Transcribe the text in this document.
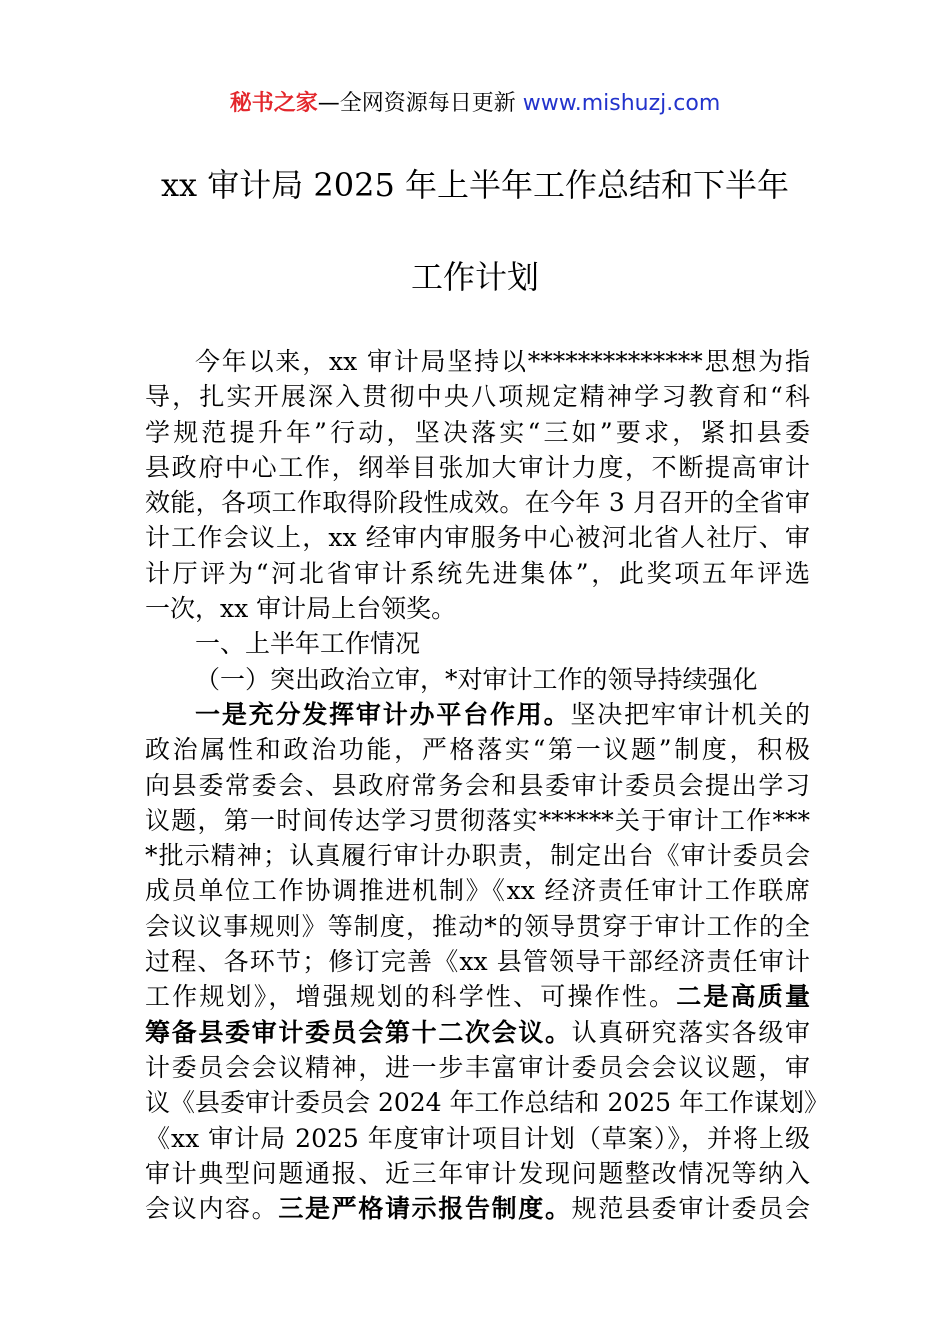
秘书之家—全网资源每日更新 www.mishuzj.com
xx 审计局 2025 年上半年工作总结和下半年
工作计划
今年以来，xx 审计局坚持以**************思想为指
导，扎实开展深入贯彻中央八项规定精神学习教育和“科
学规范提升年”行动，坚决落实“三如”要求，紧扣县委
县政府中心工作，纲举目张加大审计力度，不断提高审计
效能，各项工作取得阶段性成效。在今年 3 月召开的全省审
计工作会议上，xx 经审内审服务中心被河北省人社厅、审
计厅评为“河北省审计系统先进集体”，此奖项五年评选
一次，xx 审计局上台领奖。
一、上半年工作情况
（一）突出政治立审，*对审计工作的领导持续强化
一是充分发挥审计办平台作用。坚决把牢审计机关的
政治属性和政治功能，严格落实“第一议题”制度，积极
向县委常委会、县政府常务会和县委审计委员会提出学习
议题，第一时间传达学习贯彻落实******关于审计工作***
*批示精神；认真履行审计办职责，制定出台《审计委员会
成员单位工作协调推进机制》《xx 经济责任审计工作联席
会议议事规则》等制度，推动*的领导贯穿于审计工作的全
过程、各环节；修订完善《xx 县管领导干部经济责任审计
工作规划》，增强规划的科学性、可操作性。二是高质量
筹备县委审计委员会第十二次会议。认真研究落实各级审
计委员会会议精神，进一步丰富审计委员会会议议题，审
议《县委审计委员会 2024 年工作总结和 2025 年工作谋划》
《xx 审计局 2025 年度审计项目计划（草案）》，并将上级
审计典型问题通报、近三年审计发现问题整改情况等纳入
会议内容。三是严格请示报告制度。规范县委审计委员会
